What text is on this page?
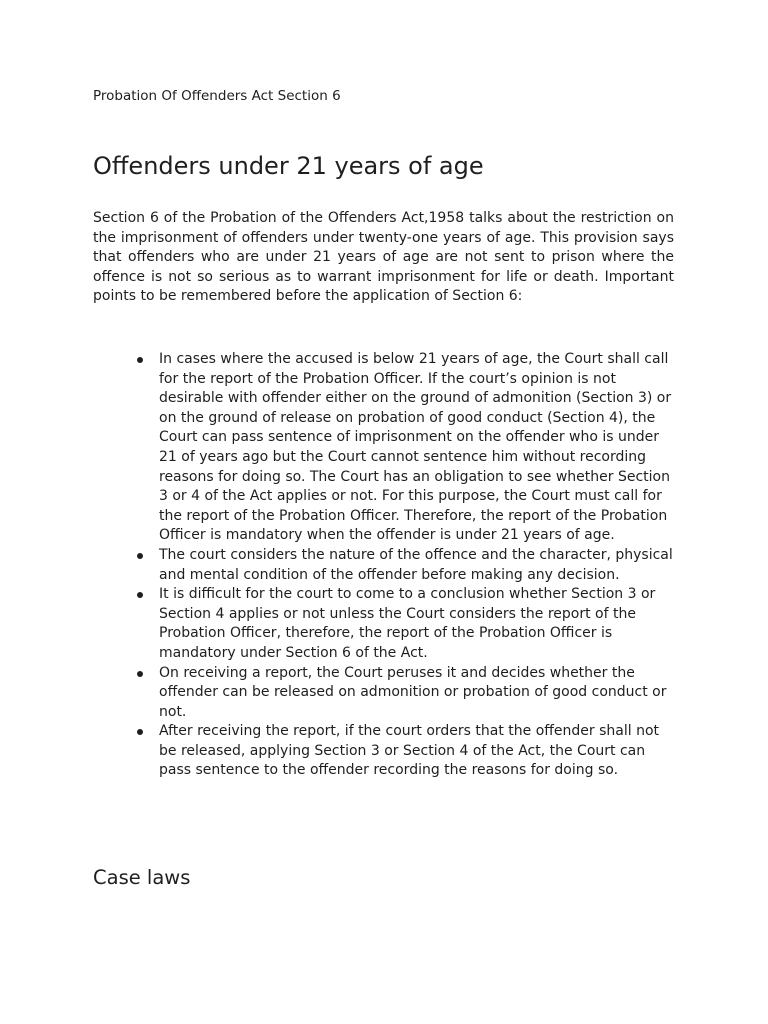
Probation Of Offenders Act Section 6
Offenders under 21 years of age

Section 6 of the Probation of the Offenders Act,1958 talks about the restriction on the imprisonment of offenders under twenty-one years of age. This provision says that offenders who are under 21 years of age are not sent to prison where the offence is not so serious as to warrant imprisonment for life or death. Important points to be remembered before the application of Section 6:

In cases where the accused is below 21 years of age, the Court shall call for the report of the Probation Officer. If the court’s opinion is not desirable with offender either on the ground of admonition (Section 3) or on the ground of release on probation of good conduct (Section 4), the Court can pass sentence of imprisonment on the offender who is under 21 of years ago but the Court cannot sentence him without recording reasons for doing so. The Court has an obligation to see whether Section 3 or 4 of the Act applies or not. For this purpose, the Court must call for the report of the Probation Officer. Therefore, the report of the Probation Officer is mandatory when the offender is under 21 years of age.
The court considers the nature of the offence and the character, physical and mental condition of the offender before making any decision.
It is difficult for the court to come to a conclusion whether Section 3 or Section 4 applies or not unless the Court considers the report of the Probation Officer, therefore, the report of the Probation Officer is mandatory under Section 6 of the Act.
On receiving a report, the Court peruses it and decides whether the offender can be released on admonition or probation of good conduct or not.
After receiving the report, if the court orders that the offender shall not be released, applying Section 3 or Section 4 of the Act, the Court can pass sentence to the offender recording the reasons for doing so.
Case laws
